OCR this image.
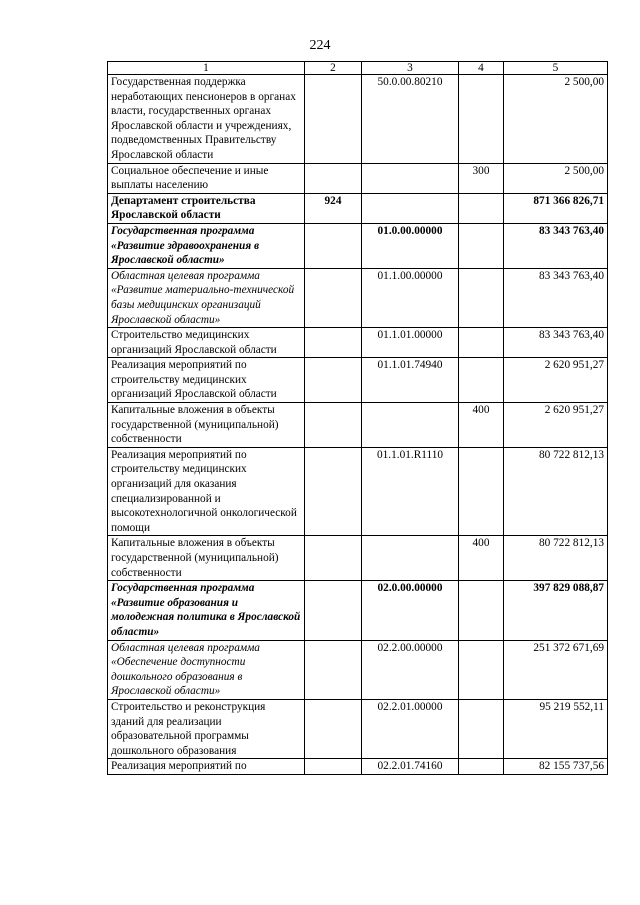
224
1	2	3	4	5
Государственная поддержка неработающих пенсионеров в органах власти, государственных органах Ярославской области и учреждениях, подведомственных Правительству Ярославской области		50.0.00.80210		2 500,00
Социальное обеспечение и иные выплаты населению			300	2 500,00
Департамент строительства Ярославской области	924			871 366 826,71
Государственная программа «Развитие здравоохранения в Ярославской области»		01.0.00.00000		83 343 763,40
Областная целевая программа «Развитие материально-технической базы медицинских организаций Ярославской области»		01.1.00.00000		83 343 763,40
Строительство медицинских организаций Ярославской области		01.1.01.00000		83 343 763,40
Реализация мероприятий по строительству медицинских организаций Ярославской области		01.1.01.74940		2 620 951,27
Капитальные вложения в объекты государственной (муниципальной) собственности			400	2 620 951,27
Реализация мероприятий по строительству медицинских организаций для оказания специализированной и высокотехнологичной онкологической помощи		01.1.01.R1110		80 722 812,13
Капитальные вложения в объекты государственной (муниципальной) собственности			400	80 722 812,13
Государственная программа «Развитие образования и молодежная политика в Ярославской области»		02.0.00.00000		397 829 088,87
Областная целевая программа «Обеспечение доступности дошкольного образования в Ярославской области»		02.2.00.00000		251 372 671,69
Строительство и реконструкция зданий для реализации образовательной программы дошкольного образования		02.2.01.00000		95 219 552,11
Реализация мероприятий по		02.2.01.74160		82 155 737,56
